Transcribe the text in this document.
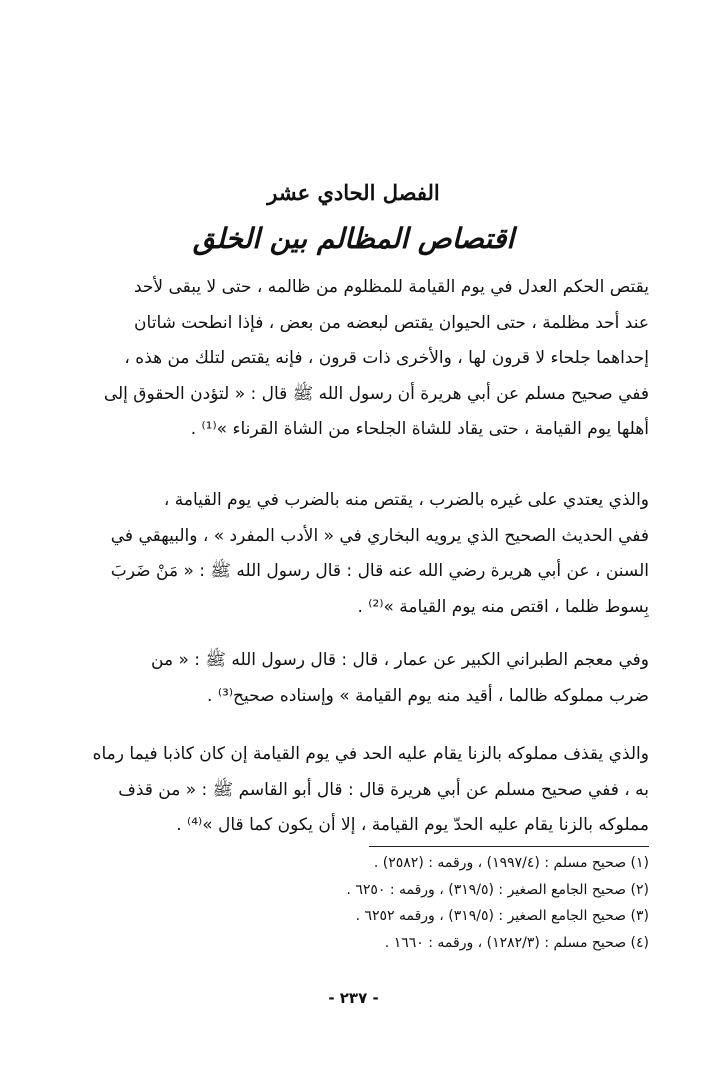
الفصل الحادي عشر
اقتصاص المظالم بين الخلق

يقتص الحكم العدل في يوم القيامة للمظلوم من ظالمه ، حتى لا يبقى لأحد
عند أحد مظلمة ، حتى الحيوان يقتص لبعضه من بعض ، فإذا انطحت شاتان
إحداهما جلحاء لا قرون لها ، والأخرى ذات قرون ، فإنه يقتص لتلك من هذه ،
ففي صحيح مسلم عن أبي هريرة أن رسول الله ﷺ قال : « لتؤدن الحقوق إلى
أهلها يوم القيامة ، حتى يقاد للشاة الجلحاء من الشاة القرناء »⁽¹⁾ .

والذي يعتدي على غيره بالضرب ، يقتص منه بالضرب في يوم القيامة ،
ففي الحديث الصحيح الذي يرويه البخاري في « الأدب المفرد » ، والبيهقي في
السنن ، عن أبي هريرة رضي الله عنه قال : قال رسول الله ﷺ : « مَنْ ضَربَ
بِسوط ظلما ، اقتص منه يوم القيامة »⁽²⁾ .

وفي معجم الطبراني الكبير عن عمار ، قال : قال رسول الله ﷺ : « من
ضرب مملوكه ظالما ، أقيد منه يوم القيامة » وإسناده صحيح⁽³⁾ .

والذي يقذف مملوكه بالزنا يقام عليه الحد في يوم القيامة إن كان كاذبا فيما رماه
به ، ففي صحيح مسلم عن أبي هريرة قال : قال أبو القاسم ﷺ : « من قذف
مملوكه بالزنا يقام عليه الحدّ يوم القيامة ، إلا أن يكون كما قال »⁽⁴⁾ .

(١) صحيح مسلم : (١٩٩٧/٤) ، ورقمه : (٢٥٨٢) .
(٢) صحيح الجامع الصغير : (٣١٩/٥) ، ورقمه : ٦٢٥٠ .
(٣) صحيح الجامع الصغير : (٣١٩/٥) ، ورقمه ٦٢٥٢ .
(٤) صحيح مسلم : (١٢٨٢/٣) ، ورقمه : ١٦٦٠ .
- ٢٣٧ -
